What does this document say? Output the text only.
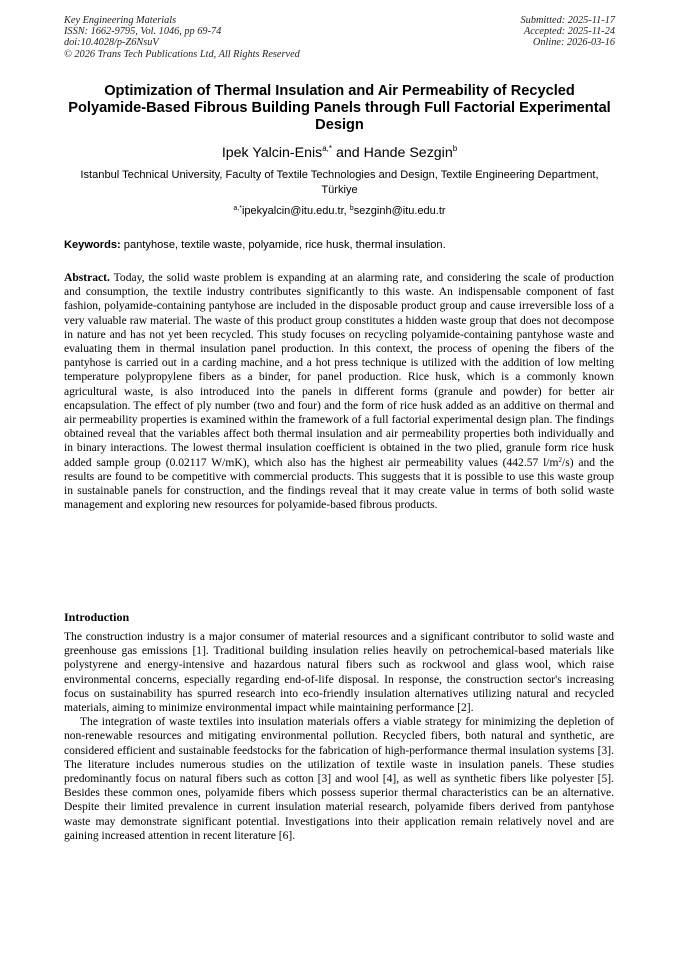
Key Engineering Materials
ISSN: 1662-9795, Vol. 1046, pp 69-74
doi:10.4028/p-Z6NsuV
© 2026 Trans Tech Publications Ltd, All Rights Reserved
Submitted: 2025-11-17
Accepted: 2025-11-24
Online: 2026-03-16
Optimization of Thermal Insulation and Air Permeability of Recycled Polyamide-Based Fibrous Building Panels through Full Factorial Experimental Design
Ipek Yalcin-Enis$^{a,*}$ and Hande Sezgin$^b$
Istanbul Technical University, Faculty of Textile Technologies and Design, Textile Engineering Department, Türkiye
$^{a,*}$ipekyalcin@itu.edu.tr, $^b$sezginh@itu.edu.tr
Keywords: pantyhose, textile waste, polyamide, rice husk, thermal insulation.
Abstract. Today, the solid waste problem is expanding at an alarming rate, and considering the scale of production and consumption, the textile industry contributes significantly to this waste. An indispensable component of fast fashion, polyamide-containing pantyhose are included in the disposable product group and cause irreversible loss of a very valuable raw material. The waste of this product group constitutes a hidden waste group that does not decompose in nature and has not yet been recycled. This study focuses on recycling polyamide-containing pantyhose waste and evaluating them in thermal insulation panel production. In this context, the process of opening the fibers of the pantyhose is carried out in a carding machine, and a hot press technique is utilized with the addition of low melting temperature polypropylene fibers as a binder, for panel production. Rice husk, which is a commonly known agricultural waste, is also introduced into the panels in different forms (granule and powder) for better air encapsulation. The effect of ply number (two and four) and the form of rice husk added as an additive on thermal and air permeability properties is examined within the framework of a full factorial experimental design plan. The findings obtained reveal that the variables affect both thermal insulation and air permeability properties both individually and in binary interactions. The lowest thermal insulation coefficient is obtained in the two plied, granule form rice husk added sample group (0.02117 W/mK), which also has the highest air permeability values (442.57 $l/m^2/s$) and the results are found to be competitive with commercial products. This suggests that it is possible to use this waste group in sustainable panels for construction, and the findings reveal that it may create value in terms of both solid waste management and exploring new resources for polyamide-based fibrous products.
Introduction

The construction industry is a major consumer of material resources and a significant contributor to solid waste and greenhouse gas emissions [1]. Traditional building insulation relies heavily on petrochemical-based materials like polystyrene and energy-intensive and hazardous natural fibers such as rockwool and glass wool, which raise environmental concerns, especially regarding end-of-life disposal. In response, the construction sector's increasing focus on sustainability has spurred research into eco-friendly insulation alternatives utilizing natural and recycled materials, aiming to minimize environmental impact while maintaining performance [2].

The integration of waste textiles into insulation materials offers a viable strategy for minimizing the depletion of non-renewable resources and mitigating environmental pollution. Recycled fibers, both natural and synthetic, are considered efficient and sustainable feedstocks for the fabrication of high-performance thermal insulation systems [3]. The literature includes numerous studies on the utilization of textile waste in insulation panels. These studies predominantly focus on natural fibers such as cotton [3] and wool [4], as well as synthetic fibers like polyester [5]. Besides these common ones, polyamide fibers which possess superior thermal characteristics can be an alternative. Despite their limited prevalence in current insulation material research, polyamide fibers derived from pantyhose waste may demonstrate significant potential. Investigations into their application remain relatively novel and are gaining increased attention in recent literature [6].
